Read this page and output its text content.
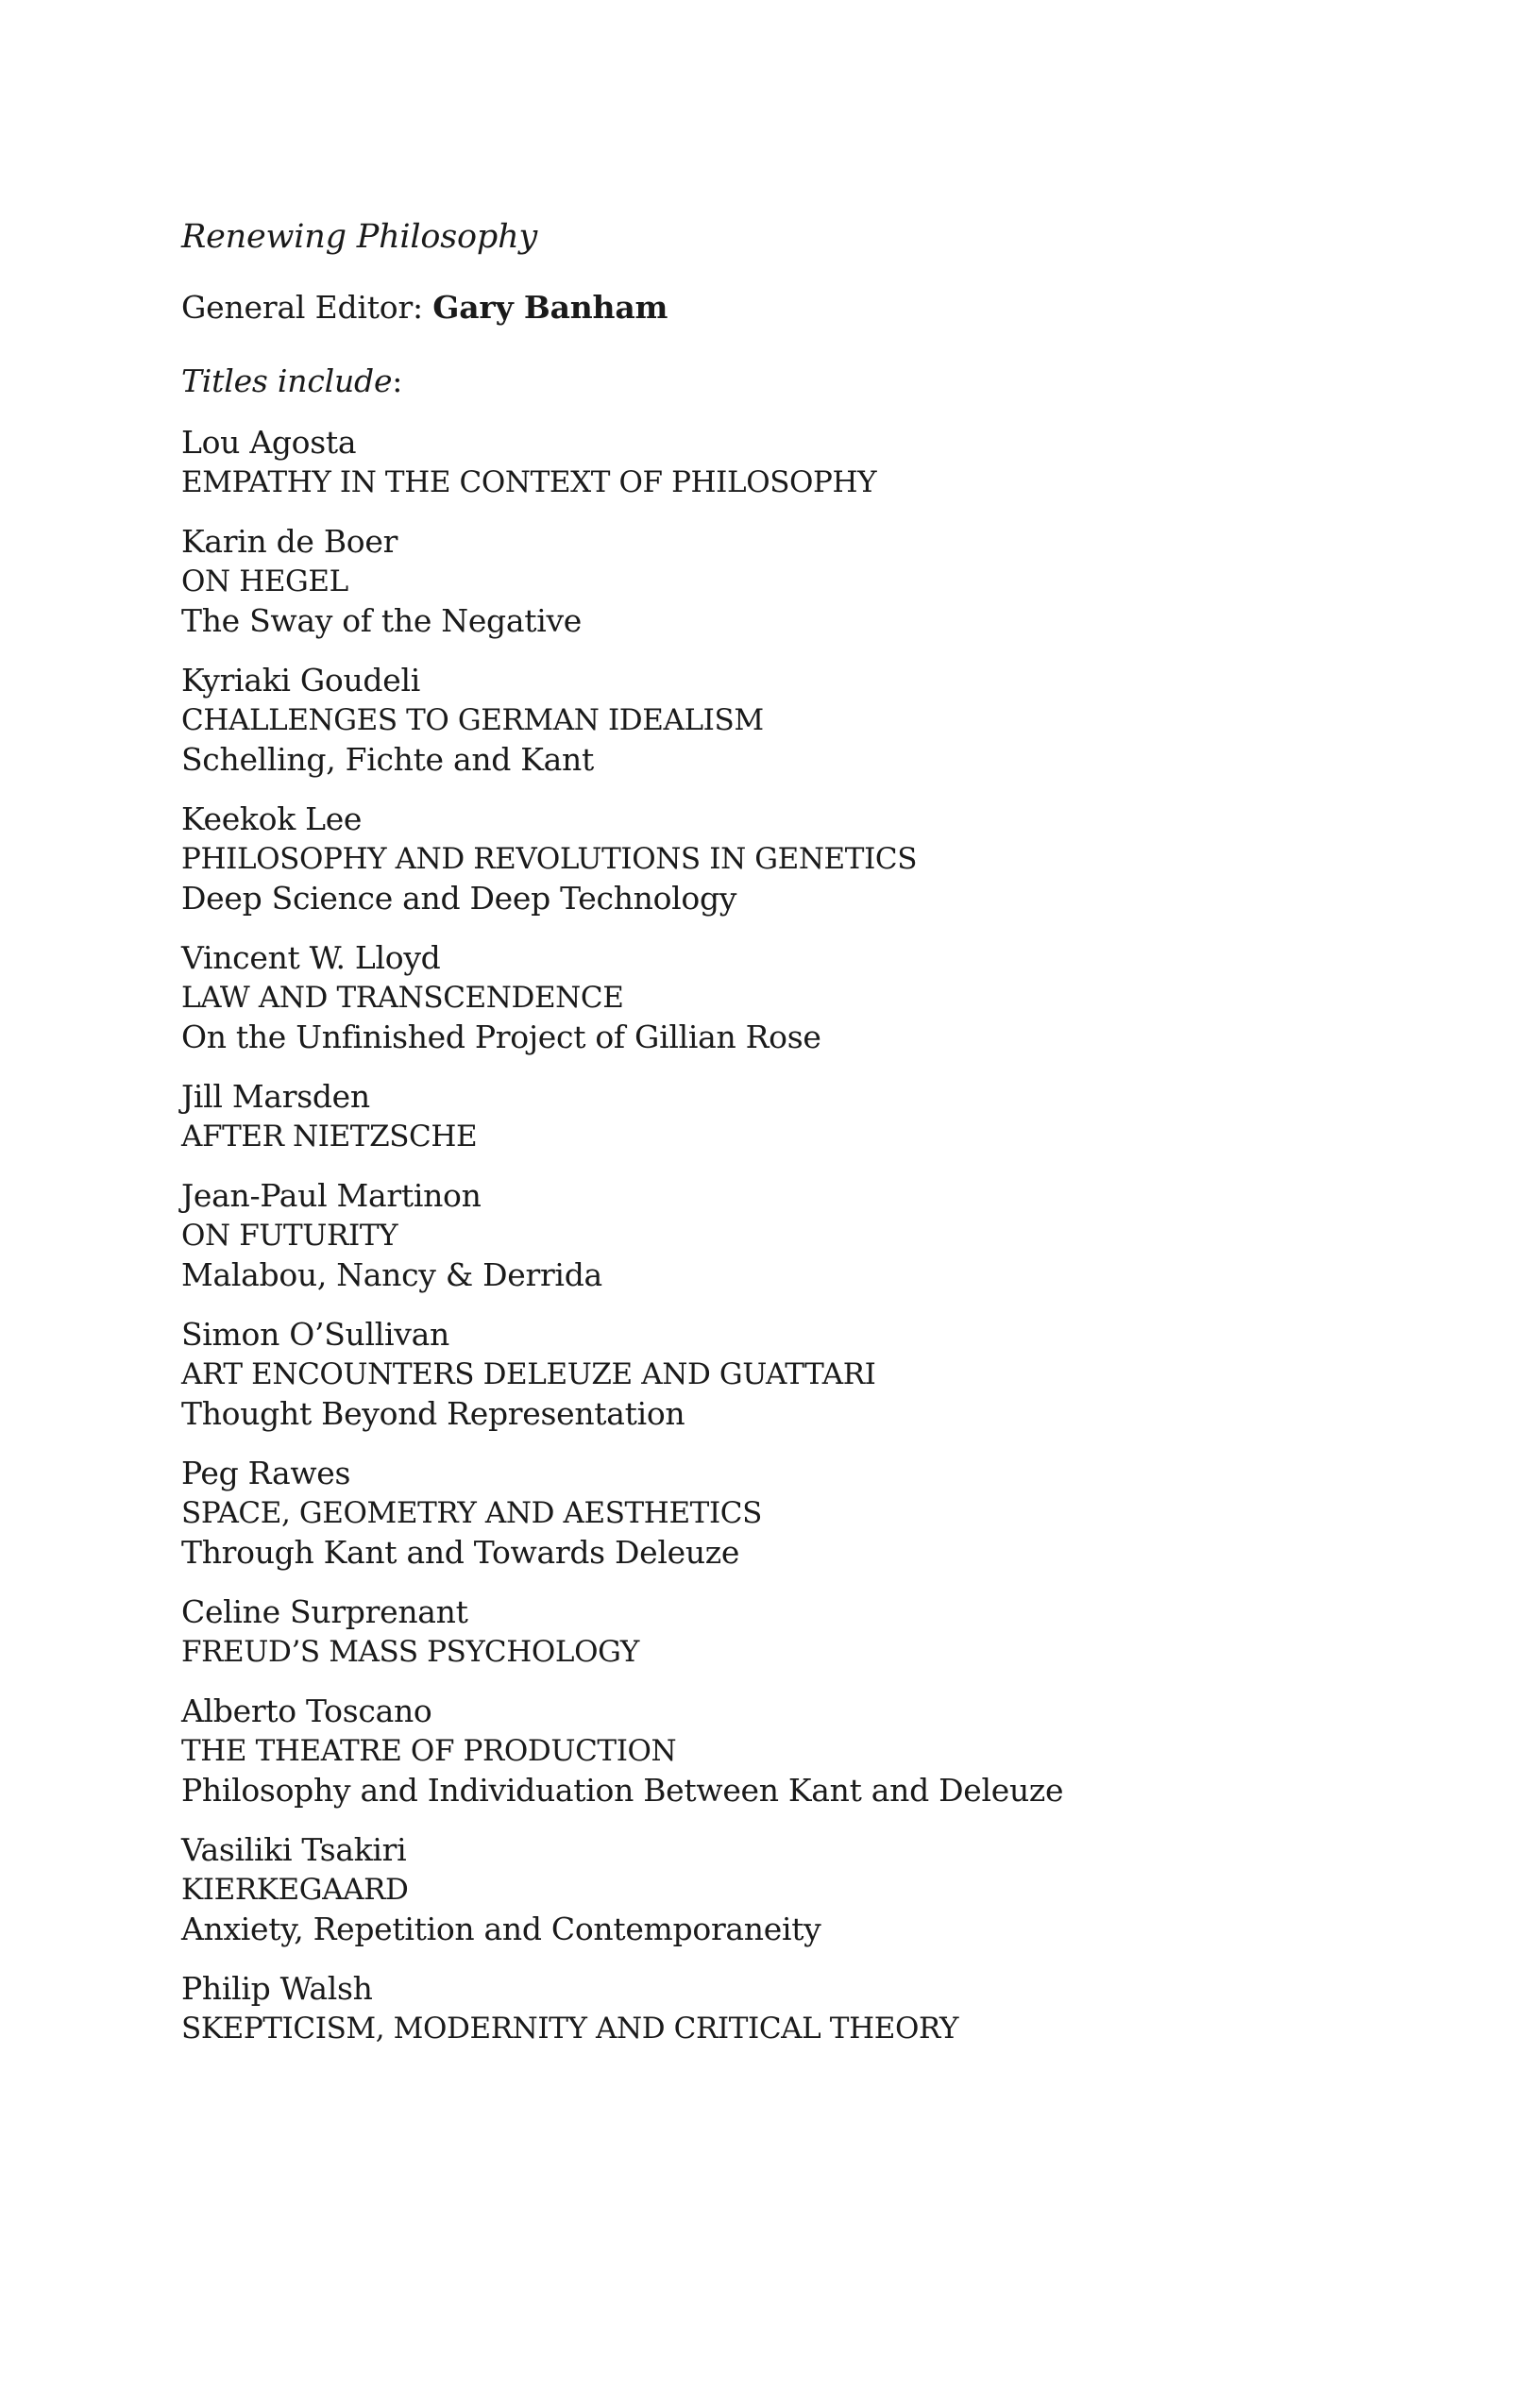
Renewing Philosophy
General Editor: Gary Banham
Titles include:
Lou Agosta
EMPATHY IN THE CONTEXT OF PHILOSOPHY
Karin de Boer
ON HEGEL
The Sway of the Negative
Kyriaki Goudeli
CHALLENGES TO GERMAN IDEALISM
Schelling, Fichte and Kant
Keekok Lee
PHILOSOPHY AND REVOLUTIONS IN GENETICS
Deep Science and Deep Technology
Vincent W. Lloyd
LAW AND TRANSCENDENCE
On the Unfinished Project of Gillian Rose
Jill Marsden
AFTER NIETZSCHE
Jean-Paul Martinon
ON FUTURITY
Malabou, Nancy & Derrida
Simon O’Sullivan
ART ENCOUNTERS DELEUZE AND GUATTARI
Thought Beyond Representation
Peg Rawes
SPACE, GEOMETRY AND AESTHETICS
Through Kant and Towards Deleuze
Celine Surprenant
FREUD’S MASS PSYCHOLOGY
Alberto Toscano
THE THEATRE OF PRODUCTION
Philosophy and Individuation Between Kant and Deleuze
Vasiliki Tsakiri
KIERKEGAARD
Anxiety, Repetition and Contemporaneity
Philip Walsh
SKEPTICISM, MODERNITY AND CRITICAL THEORY
